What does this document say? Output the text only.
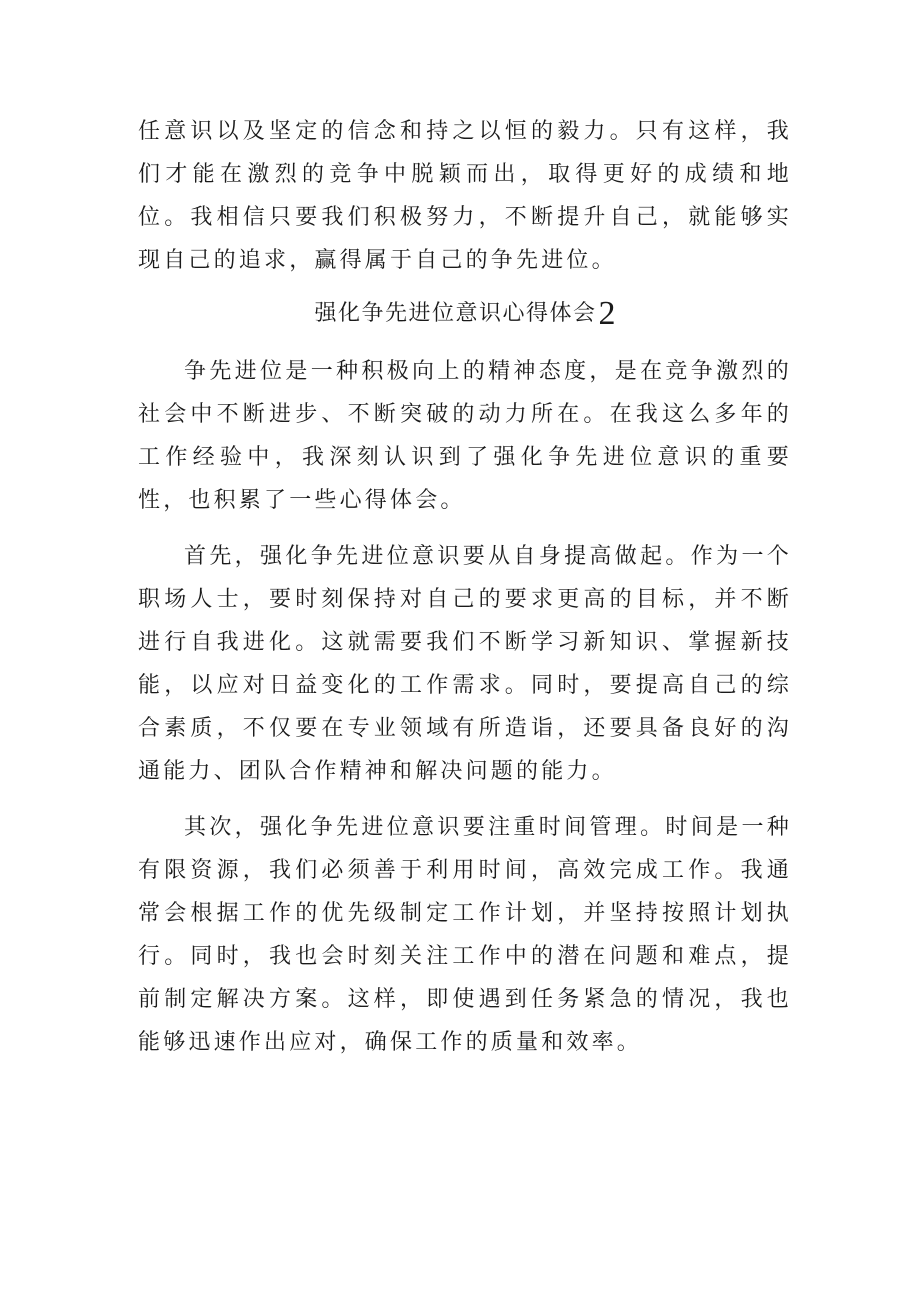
任意识以及坚定的信念和持之以恒的毅力。只有这样，我们才能在激烈的竞争中脱颖而出，取得更好的成绩和地位。我相信只要我们积极努力，不断提升自己，就能够实现自己的追求，赢得属于自己的争先进位。

强化争先进位意识心得体会2

争先进位是一种积极向上的精神态度，是在竞争激烈的社会中不断进步、不断突破的动力所在。在我这么多年的工作经验中，我深刻认识到了强化争先进位意识的重要性，也积累了一些心得体会。

首先，强化争先进位意识要从自身提高做起。作为一个职场人士，要时刻保持对自己的要求更高的目标，并不断进行自我进化。这就需要我们不断学习新知识、掌握新技能，以应对日益变化的工作需求。同时，要提高自己的综合素质，不仅要在专业领域有所造诣，还要具备良好的沟通能力、团队合作精神和解决问题的能力。

其次，强化争先进位意识要注重时间管理。时间是一种有限资源，我们必须善于利用时间，高效完成工作。我通常会根据工作的优先级制定工作计划，并坚持按照计划执行。同时，我也会时刻关注工作中的潜在问题和难点，提前制定解决方案。这样，即使遇到任务紧急的情况，我也能够迅速作出应对，确保工作的质量和效率。
